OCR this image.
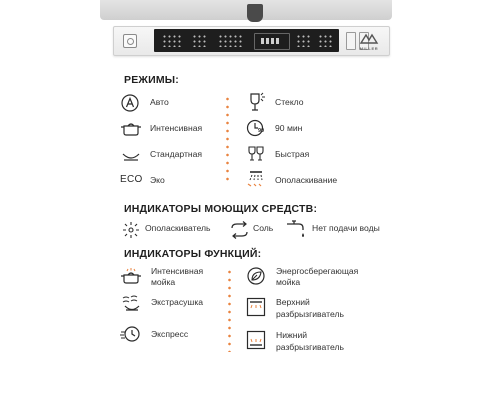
MILLER
РЕЖИМЫ:
Авто
Интенсивная
Стандартная
ECO Эко
Стекло
90 90 мин
Быстрая
Ополаскивание
ИНДИКАТОРЫ МОЮЩИХ СРЕДСТВ:
Ополаскиватель	Соль	Нет подачи воды
ИНДИКАТОРЫ ФУНКЦИЙ:
Интенсивная
мойка
Экстрасушка
Экспресс
Энергосберегающая
мойка
Верхний
разбрызгиватель
Нижний
разбрызгиватель
